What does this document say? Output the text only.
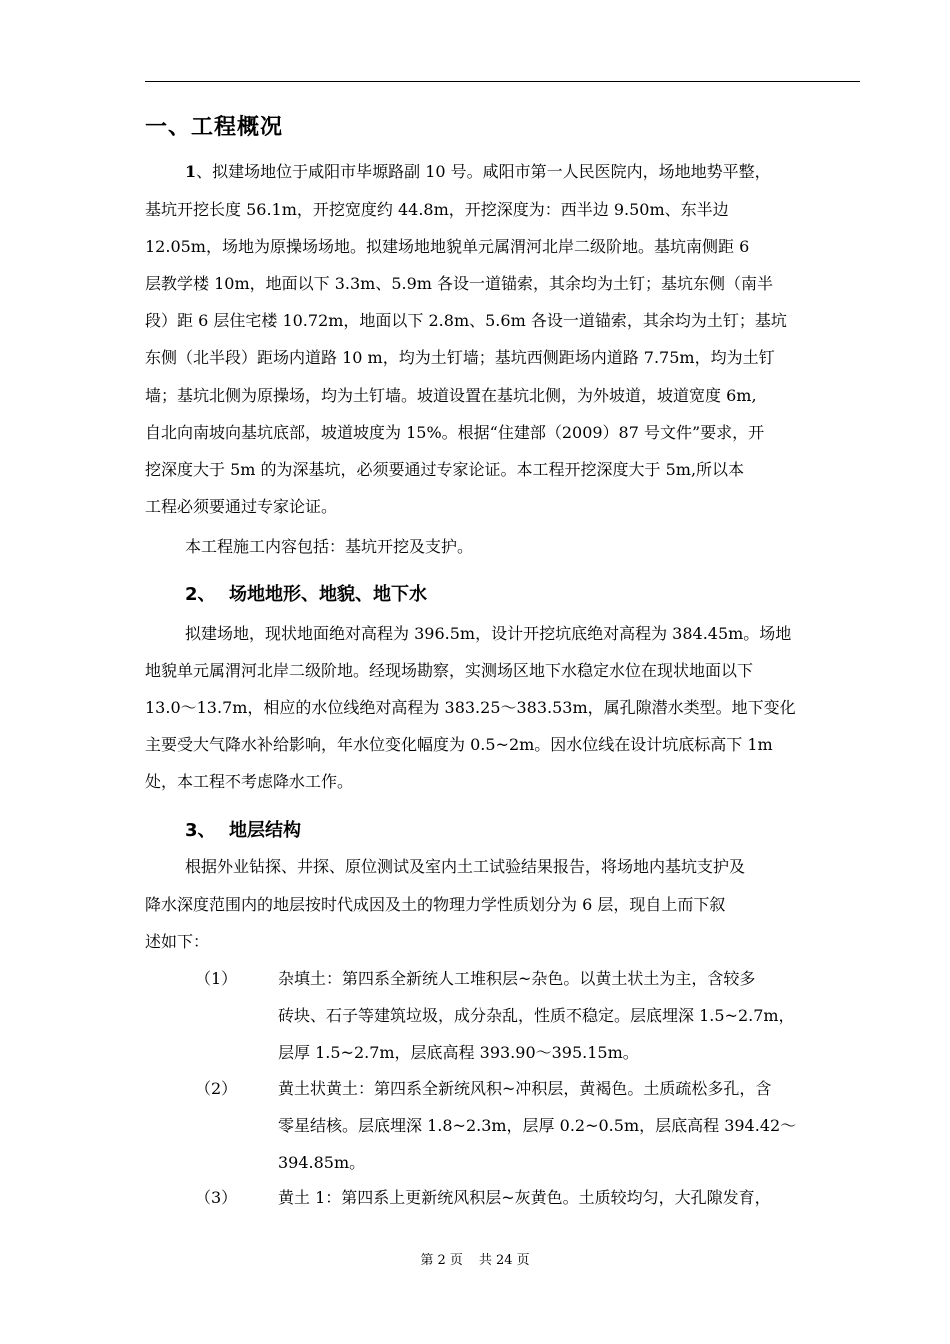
一、工程概况
1、拟建场地位于咸阳市毕塬路副 10 号。咸阳市第一人民医院内，场地地势平整，
基坑开挖长度 56.1m，开挖宽度约 44.8m，开挖深度为：西半边 9.50m、东半边
12.05m，场地为原操场场地。拟建场地地貌单元属渭河北岸二级阶地。基坑南侧距 6
层教学楼 10m，地面以下 3.3m、5.9m 各设一道锚索，其余均为土钉；基坑东侧（南半
段）距 6 层住宅楼 10.72m，地面以下 2.8m、5.6m 各设一道锚索，其余均为土钉；基坑
东侧（北半段）距场内道路 10 m，均为土钉墙；基坑西侧距场内道路 7.75m，均为土钉
墙；基坑北侧为原操场，均为土钉墙。坡道设置在基坑北侧，为外坡道，坡道宽度 6m,
自北向南坡向基坑底部，坡道坡度为 15%。根据“住建部（2009）87 号文件”要求，开
挖深度大于 5m 的为深基坑，必须要通过专家论证。本工程开挖深度大于 5m,所以本
工程必须要通过专家论证。
本工程施工内容包括：基坑开挖及支护。
2、 场地地形、地貌、地下水
拟建场地，现状地面绝对高程为 396.5m，设计开挖坑底绝对高程为 384.45m。场地
地貌单元属渭河北岸二级阶地。经现场勘察，实测场区地下水稳定水位在现状地面以下
13.0～13.7m，相应的水位线绝对高程为 383.25～383.53m，属孔隙潜水类型。地下变化
主要受大气降水补给影响，年水位变化幅度为 0.5~2m。因水位线在设计坑底标高下 1m
处，本工程不考虑降水工作。
3、 地层结构
根据外业钻探、井探、原位测试及室内土工试验结果报告，将场地内基坑支护及
降水深度范围内的地层按时代成因及土的物理力学性质划分为 6 层，现自上而下叙
述如下：
（1）	杂填土：第四系全新统人工堆积层~杂色。以黄土状土为主，含较多
砖块、石子等建筑垃圾，成分杂乱，性质不稳定。层底埋深 1.5~2.7m，
层厚 1.5~2.7m，层底高程 393.90～395.15m。
（2）	黄土状黄土：第四系全新统风积~冲积层，黄褐色。土质疏松多孔，含
零星结核。层底埋深 1.8~2.3m，层厚 0.2~0.5m，层底高程 394.42～
394.85m。
（3）	黄土 1：第四系上更新统风积层~灰黄色。土质较均匀，大孔隙发育，
第 2 页 共 24 页
